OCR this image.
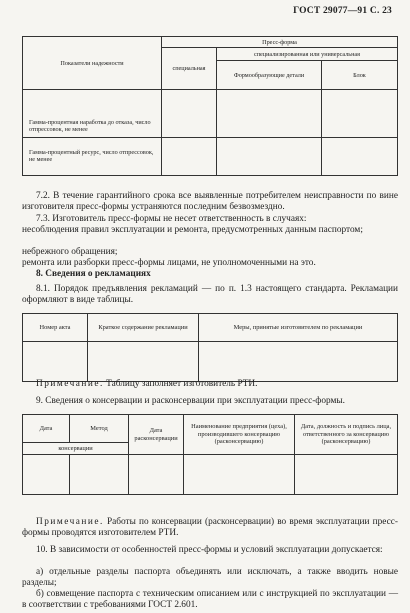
ГОСТ 29077—91 С. 23
Показатели надежности	Пресс-форма		
	специальная	специализированная или универсальная	
		Формообразующие детали	Блок
Гамма-процентная наработка до отказа, число отпрессовок, не менее			
Гамма-процентный ресурс, число отпрессовок, не менее			
7.2. В течение гарантийного срока все выявленные потребителем неисправности по вине изготовителя пресс-формы устраняются последним безвозмездно.
7.3. Изготовитель пресс-формы не несет ответственность в случаях:
несоблюдения правил эксплуатации и ремонта, предусмотренных данным паспортом;
небрежного обращения;
ремонта или разборки пресс-формы лицами, не уполномоченными на это.
8. Сведения о рекламациях
8.1. Порядок предъявления рекламаций — по п. 1.3 настоящего стандарта. Рекламации оформляют в виде таблицы.
Номер акта	Краткое содержание рекламации	Меры, принятые изготовителем по рекламации

Примечание. Таблицу заполняет изготовитель РТИ.
9. Сведения о консервации и расконсервации при эксплуатации пресс-формы.
Дата	Метод	Дата расконсервации	Наименование предприятия (цеха), производившего консервацию (расконсервацию)	Дата, должность и подпись лица, ответственного за консервацию (расконсервацию)
консервации				

Примечание. Работы по консервации (расконсервации) во время эксплуатации пресс-формы проводятся изготовителем РТИ.
10. В зависимости от особенностей пресс-формы и условий эксплуатации допускается:
а) отдельные разделы паспорта объединять или исключать, а также вводить новые разделы;
б) совмещение паспорта с техническим описанием или с инструкцией по эксплуатации — в соответствии с требованиями ГОСТ 2.601.
